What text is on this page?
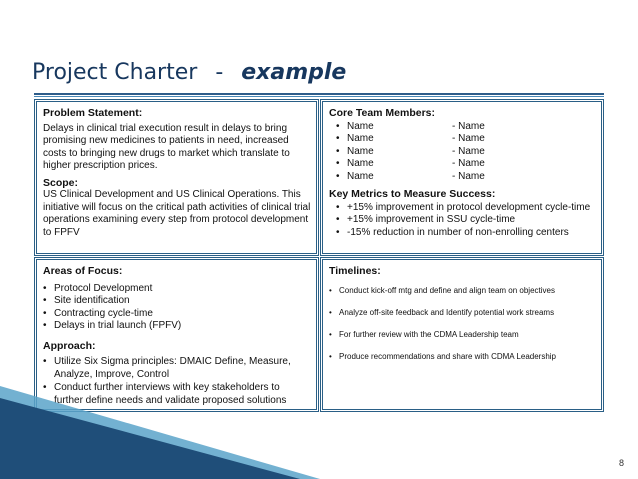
Project Charter - example
Problem Statement:
Delays in clinical trial execution result in delays to bring promising new medicines to patients in need, increased costs to bringing new drugs to market which translate to higher prescription prices.
Scope:
US Clinical Development and US Clinical Operations. This initiative will focus on the critical path activities of clinical trial operations examining every step from protocol development to FPFV
Core Team Members:
• Name	- Name
• Name	- Name
• Name	- Name
• Name	- Name
• Name	- Name
Key Metrics to Measure Success:
• +15% improvement in protocol development cycle-time
• +15% improvement in SSU cycle-time
• -15% reduction in number of non-enrolling centers
Areas of Focus:
• Protocol Development
• Site identification
• Contracting cycle-time
• Delays in trial launch (FPFV)
Approach:
• Utilize Six Sigma principles: DMAIC Define, Measure, Analyze, Improve, Control
• Conduct further interviews with key stakeholders to further define needs and validate proposed solutions
Timelines:
• Conduct kick-off mtg and define and align team on objectives
• Analyze off-site feedback and Identify potential work streams
• For further review with the CDMA Leadership team
• Produce recommendations and share with CDMA Leadership
8
